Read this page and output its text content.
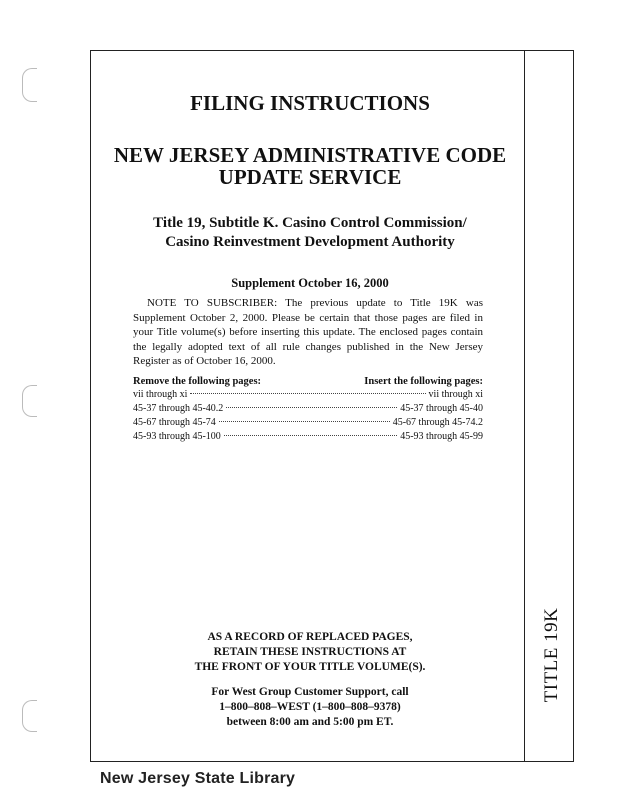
TITLE 19K
FILING INSTRUCTIONS
NEW JERSEY ADMINISTRATIVE CODE
UPDATE SERVICE
Title 19, Subtitle K. Casino Control Commission/
Casino Reinvestment Development Authority
Supplement October 16, 2000
NOTE TO SUBSCRIBER: The previous update to Title 19K was Supplement October 2, 2000. Please be certain that those pages are filed in your Title volume(s) before inserting this update. The enclosed pages contain the legally adopted text of all rule changes published in the New Jersey Register as of October 16, 2000.
Remove the following pages:	Insert the following pages:
vii through xi	vii through xi
45-37 through 45-40.2	45-37 through 45-40
45-67 through 45-74	45-67 through 45-74.2
45-93 through 45-100	45-93 through 45-99
AS A RECORD OF REPLACED PAGES,
RETAIN THESE INSTRUCTIONS AT
THE FRONT OF YOUR TITLE VOLUME(S).
For West Group Customer Support, call
1–800–808–WEST (1–800–808–9378)
between 8:00 am and 5:00 pm ET.
New Jersey State Library
